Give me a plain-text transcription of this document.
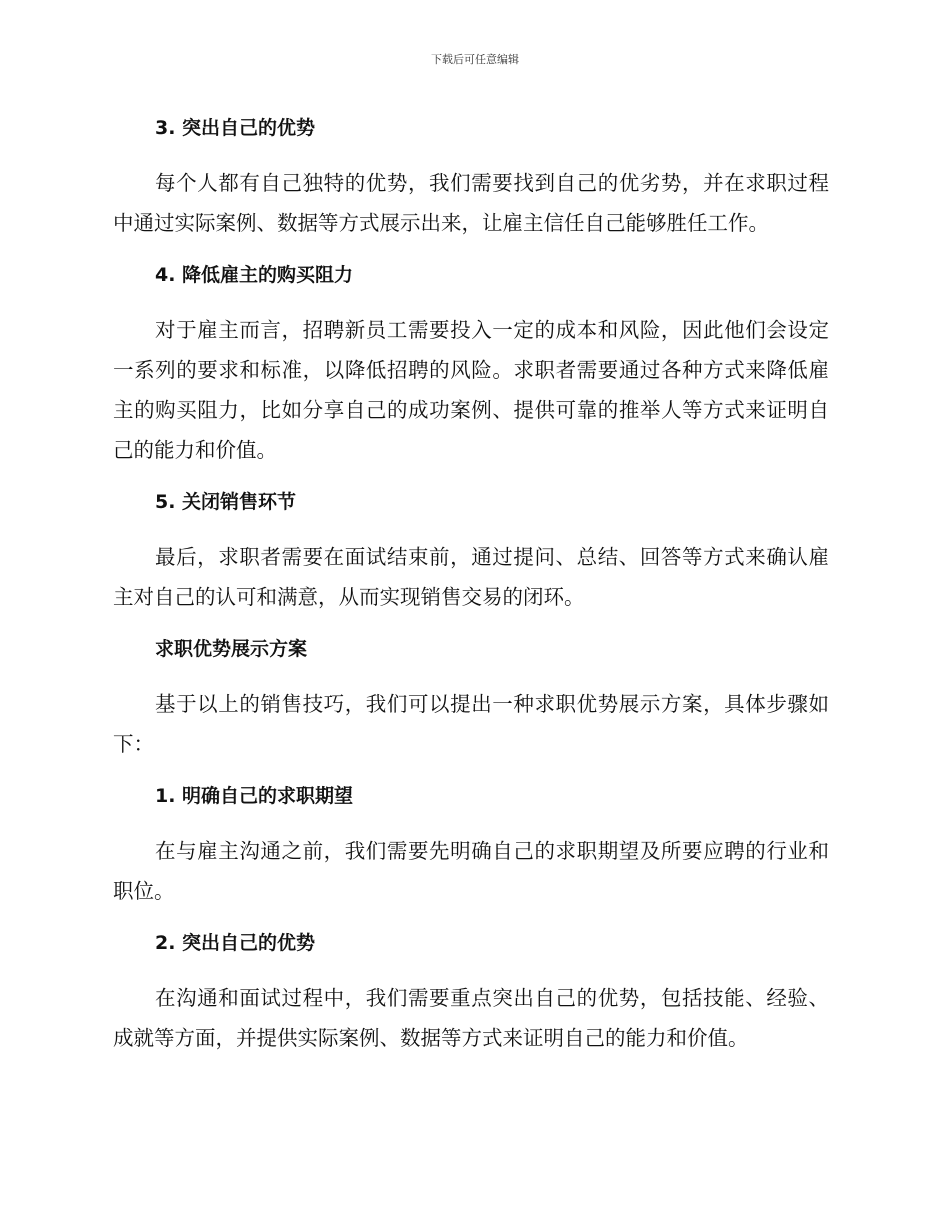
下载后可任意编辑
3. 突出自己的优势

每个人都有自己独特的优势，我们需要找到自己的优劣势，并在求职过程中通过实际案例、数据等方式展示出来，让雇主信任自己能够胜任工作。

4. 降低雇主的购买阻力

对于雇主而言，招聘新员工需要投入一定的成本和风险，因此他们会设定一系列的要求和标准，以降低招聘的风险。求职者需要通过各种方式来降低雇主的购买阻力，比如分享自己的成功案例、提供可靠的推举人等方式来证明自己的能力和价值。

5. 关闭销售环节

最后，求职者需要在面试结束前，通过提问、总结、回答等方式来确认雇主对自己的认可和满意，从而实现销售交易的闭环。

求职优势展示方案

基于以上的销售技巧，我们可以提出一种求职优势展示方案，具体步骤如下：

1. 明确自己的求职期望

在与雇主沟通之前，我们需要先明确自己的求职期望及所要应聘的行业和职位。

2. 突出自己的优势

在沟通和面试过程中，我们需要重点突出自己的优势，包括技能、经验、成就等方面，并提供实际案例、数据等方式来证明自己的能力和价值。
